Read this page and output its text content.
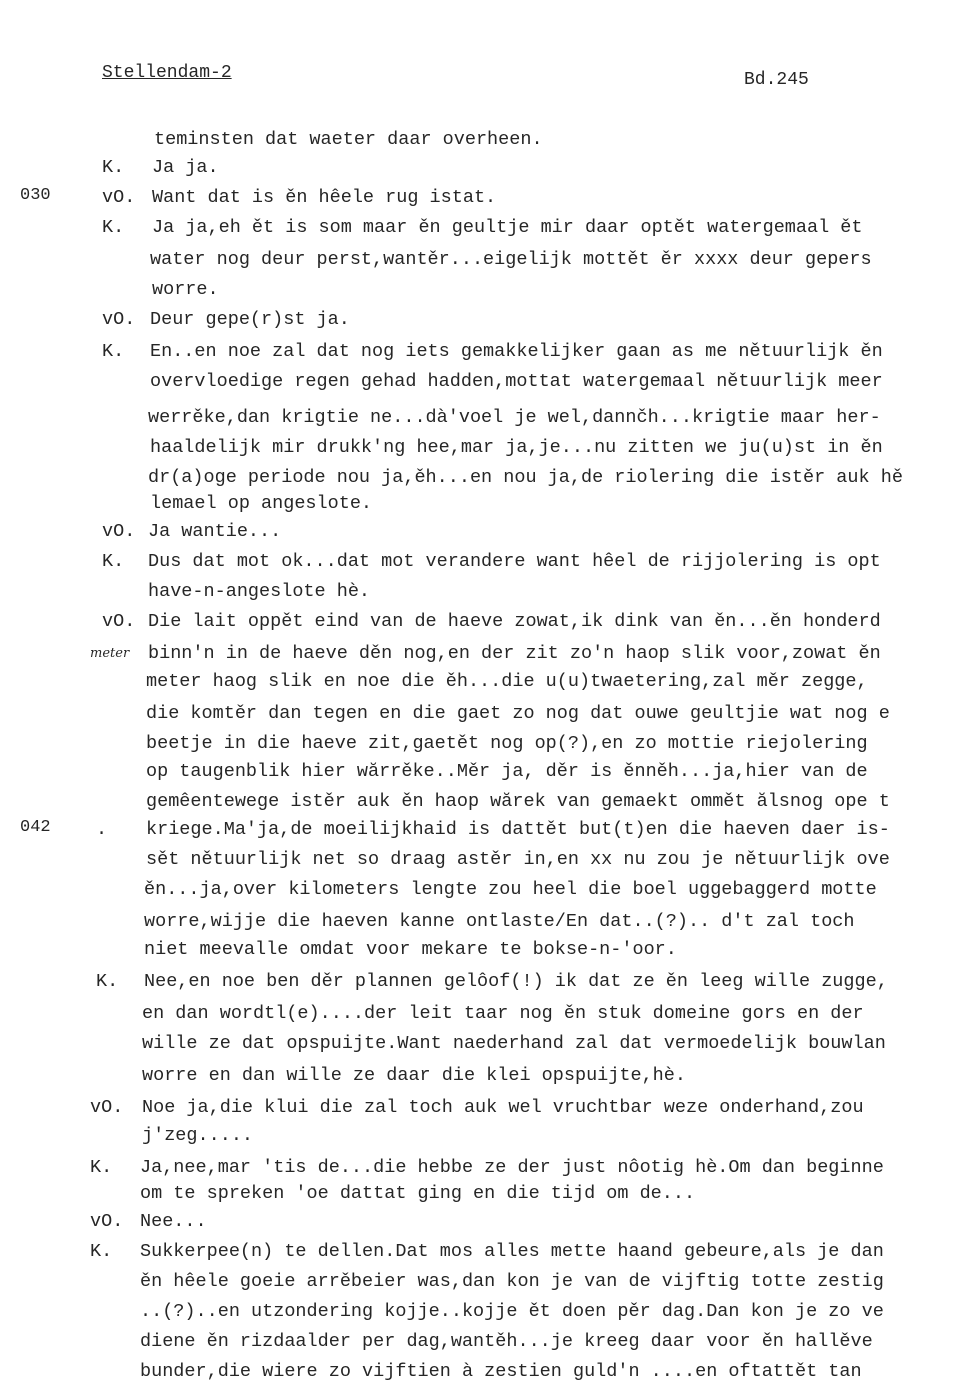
Stellendam-2	Bd.245
030
meter
042
K.
vO.
K.
vO.
K.
vO.
K.
vO.
.
K.
vO.
K.
vO.
K.
teminsten dat waeter daar overheen.
Ja ja.
Want dat is ěn hêele rug istat.
Ja ja,eh ět is som maar ěn geultje mir daar optět watergemaal ět
water nog deur perst,wantěr...eigelijk mottět ěr xxxx deur gepers
worre.
Deur gepe(r)st ja.
En..en noe zal dat nog iets gemakkelijker gaan as me nětuurlijk ěn
overvloedige regen gehad hadden,mottat watergemaal nětuurlijk meer
werrěke,dan krigtie ne...dà'voel je wel,dannčh...krigtie maar her-
haaldelijk mir drukk'ng hee,mar ja,je...nu zitten we ju(u)st in ěn
dr(a)oge periode nou ja,ěh...en nou ja,de riolering die istěr auk hě
lemael op angeslote.
Ja wantie...
Dus dat mot ok...dat mot verandere want hêel de rijjolering is opt
have-n-angeslote hè.
Die lait oppět eind van de haeve zowat,ik dink van ěn...ěn honderd
binn'n in de haeve děn nog,en der zit zo'n haop slik voor,zowat ěn
meter haog slik en noe die ěh...die u(u)twaetering,zal měr zegge,
die komtěr dan tegen en die gaet zo nog dat ouwe geultjie wat nog e
beetje in die haeve zit,gaetět nog op(?),en zo mottie riejolering
op taugenblik hier wărrěke..Měr ja, děr is ěnněh...ja,hier van de
gemêentewege istěr auk ěn haop wărek van gemaekt ommět ălsnog ope t
kriege.Ma'ja,de moeilijkhaid is dattět but(t)en die haeven daer is-
sět nětuurlijk net so draag astěr in,en xx nu zou je nětuurlijk ove
ěn...ja,over kilometers lengte zou heel die boel uggebaggerd motte
worre,wijje die haeven kanne ontlaste/En dat..(?).. d't zal toch
niet meevalle omdat voor mekare te bokse-n-'oor.
Nee,en noe ben děr plannen gelôof(!) ik dat ze ěn leeg wille zugge,
en dan wordtl(e)....der leit taar nog ěn stuk domeine gors en der
wille ze dat opspuijte.Want naederhand zal dat vermoedelijk bouwlan
worre en dan wille ze daar die klei opspuijte,hè.
Noe ja,die klui die zal toch auk wel vruchtbar weze onderhand,zou
j'zeg.....
Ja,nee,mar 'tis de...die hebbe ze der just nôotig hè.Om dan beginne
om te spreken 'oe dattat ging en die tijd om de...
Nee...
Sukkerpee(n) te dellen.Dat mos alles mette haand gebeure,als je dan
ěn hêele goeie arrěbeier was,dan kon je van de vijftig totte zestig
..(?)..en utzondering kojje..kojje ět doen pěr dag.Dan kon je zo ve
diene ěn rizdaalder per dag,wantěh...je kreeg daar voor ěn hallěve
bunder,die wiere zo vijftien à zestien guld'n ....en oftattět tan
